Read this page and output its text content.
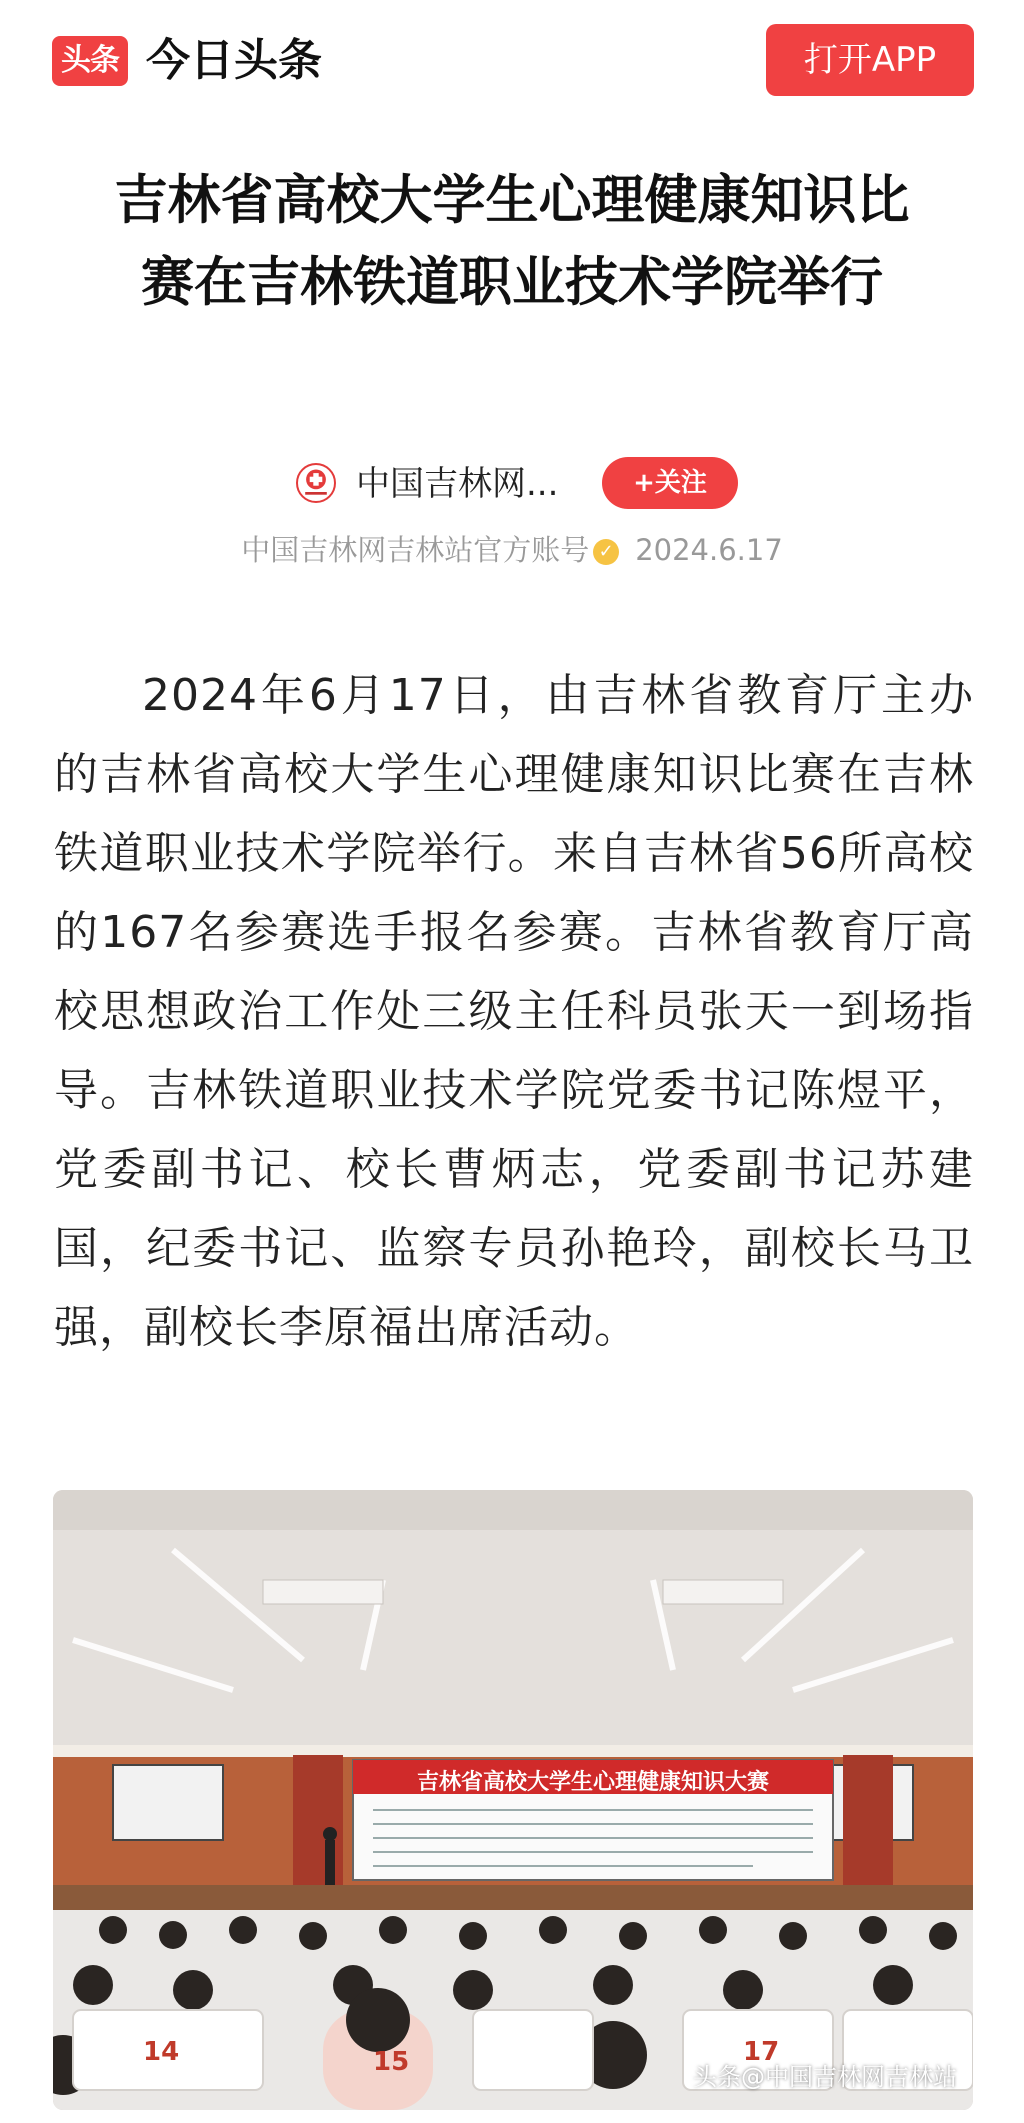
头条 今日头条	打开APP
吉林省高校大学生心理健康知识比赛在吉林铁道职业技术学院举行
中国吉林网...	+关注
中国吉林网吉林站官方账号 ✓ 2024.6.17

2024年6月17日，由吉林省教育厅主办的吉林省高校大学生心理健康知识比赛在吉林铁道职业技术学院举行。来自吉林省56所高校的167名参赛选手报名参赛。吉林省教育厅高校思想政治工作处三级主任科员张天一到场指导。吉林铁道职业技术学院党委书记陈煜平，党委副书记、校长曹炳志，党委副书记苏建国，纪委书记、监察专员孙艳玲，副校长马卫强，副校长李原福出席活动。

14	15	17
吉林省高校大学生心理健康知识大赛
头条@中国吉林网吉林站
